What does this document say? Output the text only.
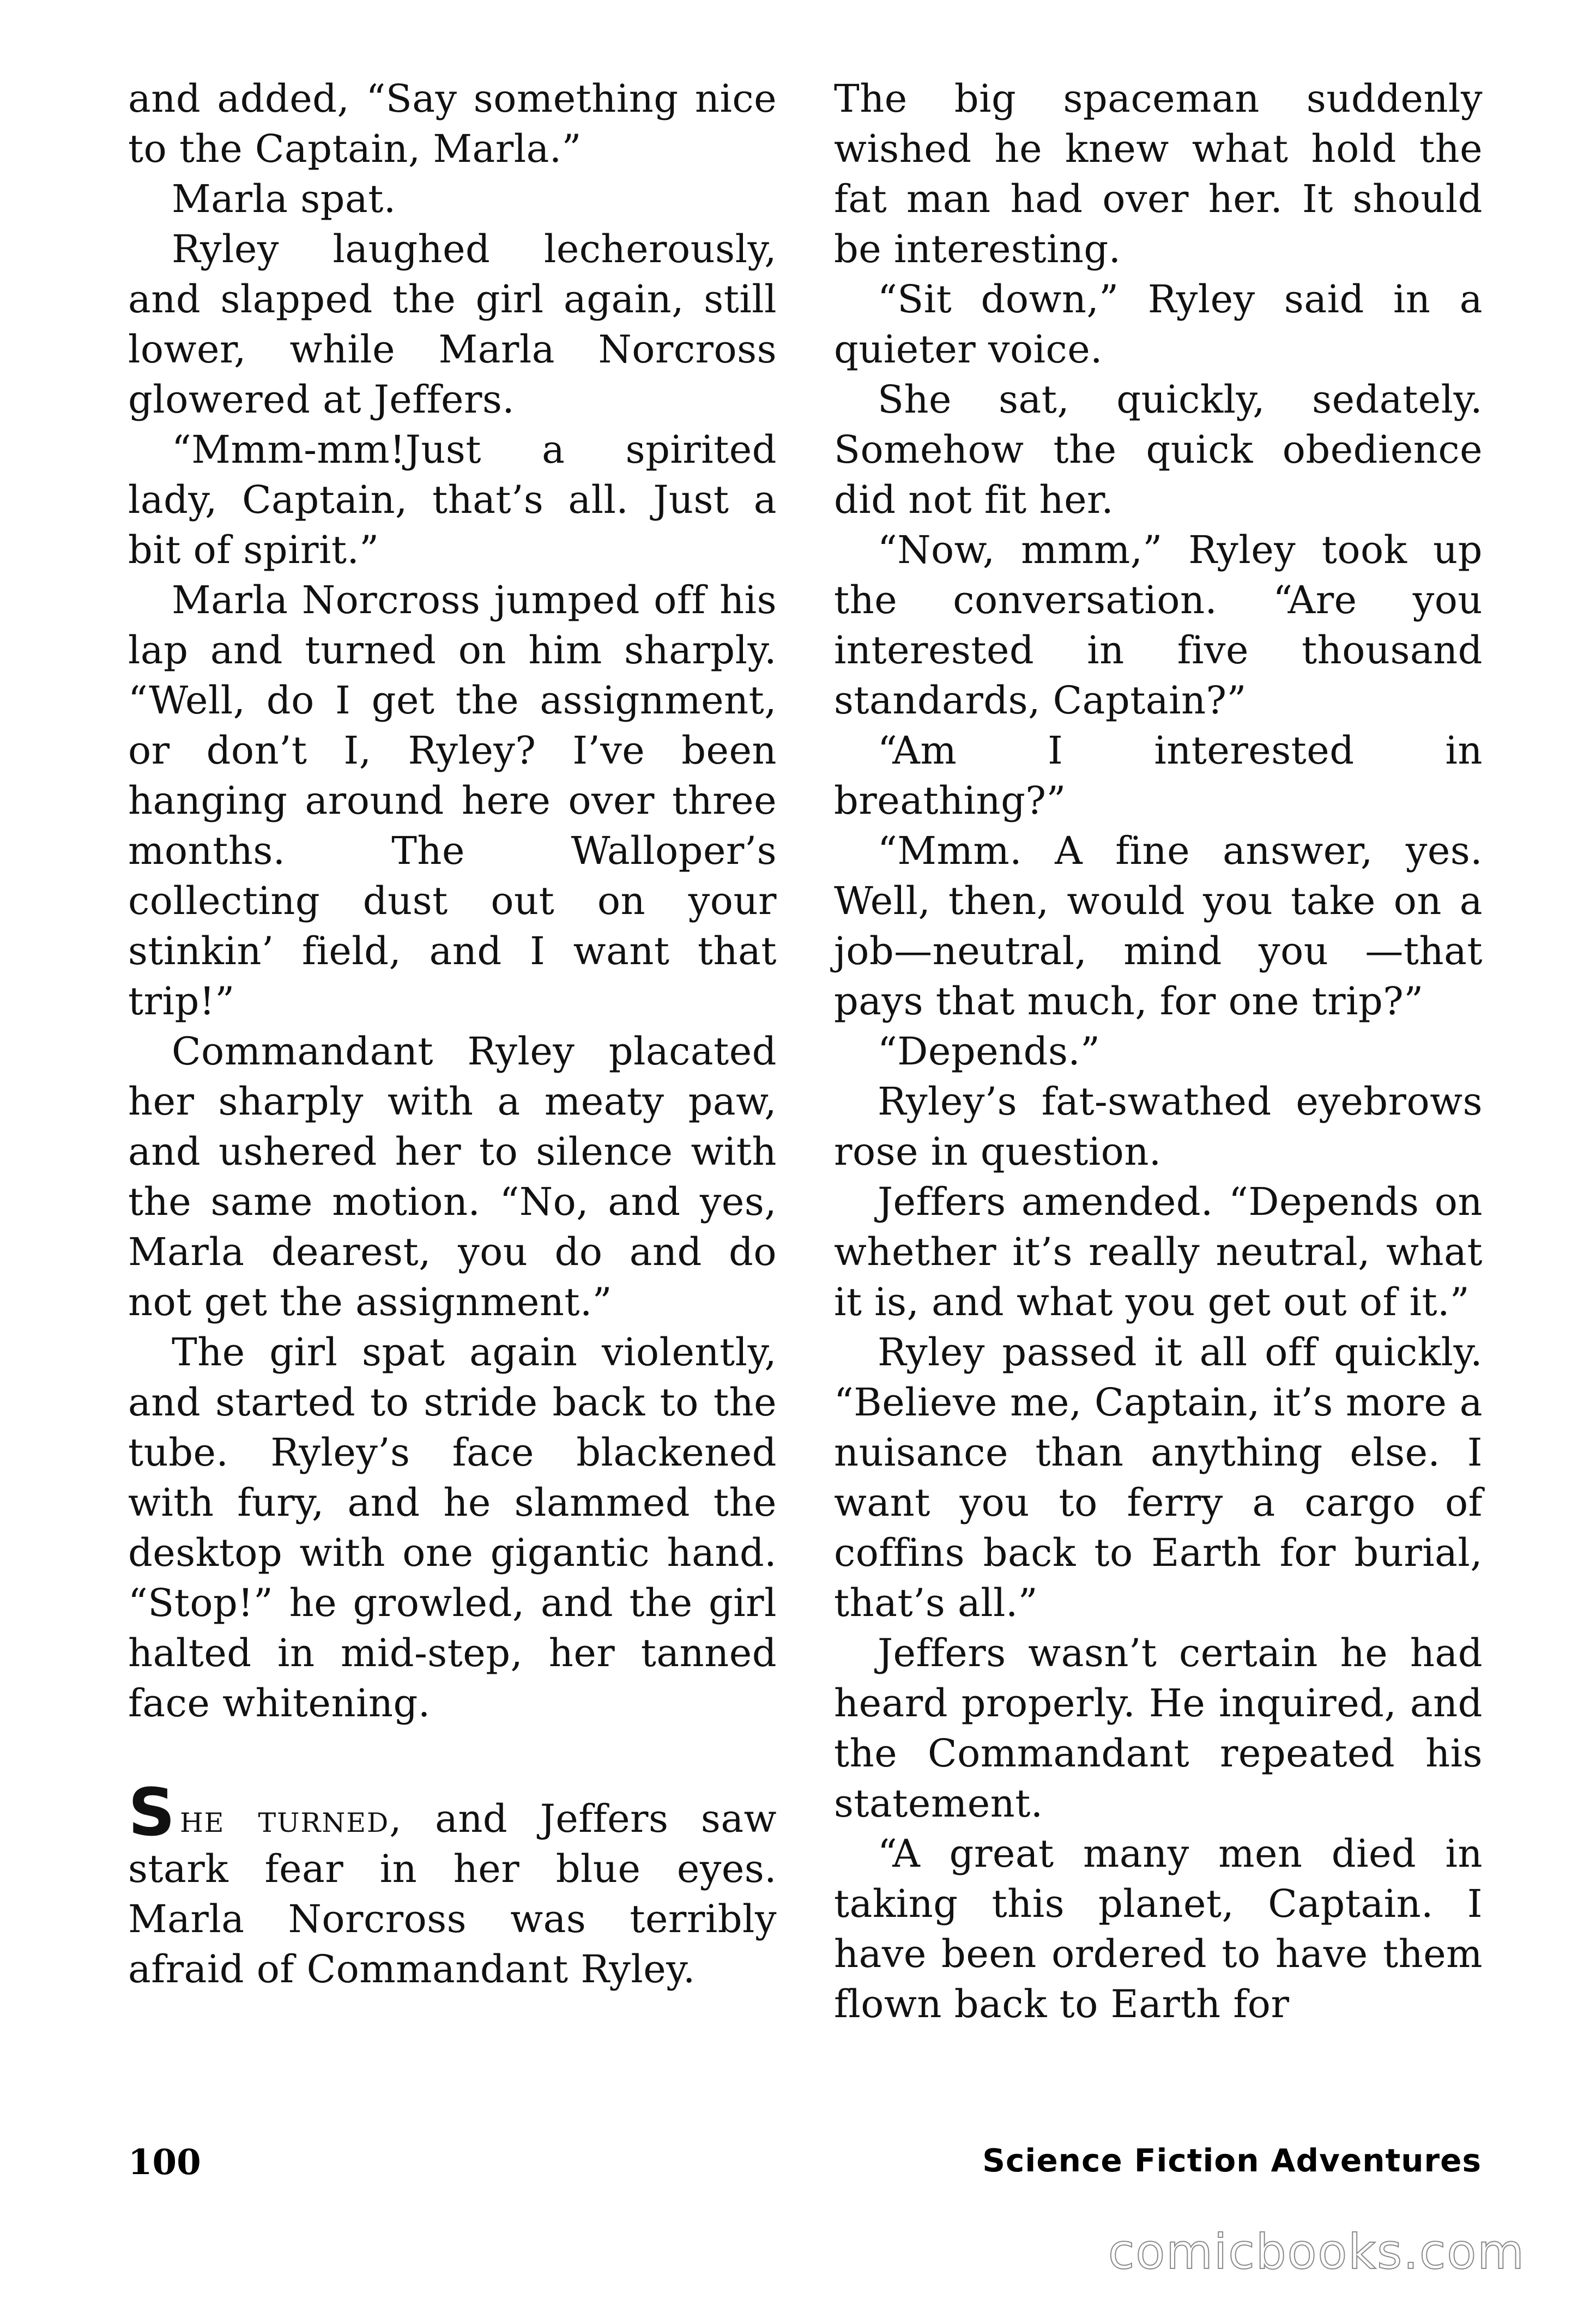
and added, “Say something nice to the Captain, Marla.”

Marla spat.

Ryley laughed lecherously, and slapped the girl again, still lower, while Marla Norcross glowered at Jeffers.

“Mmm-mm!Just a spirited lady, Captain, that’s all. Just a bit of spirit.”

Marla Norcross jumped off his lap and turned on him sharply. “Well, do I get the assignment, or don’t I, Ryley? I’ve been hanging around here over three months. The Walloper’s collecting dust out on your stinkin’ field, and I want that trip!”

Commandant Ryley placated her sharply with a meaty paw, and ushered her to silence with the same motion. “No, and yes, Marla dearest, you do and do not get the assignment.”

The girl spat again violently, and started to stride back to the tube. Ryley’s face blackened with fury, and he slammed the desktop with one gigantic hand. “Stop!” he growled, and the girl halted in mid-step, her tanned face whitening.

She turned, and Jeffers saw stark fear in her blue eyes. Marla Norcross was terribly afraid of Commandant Ryley.

The big spaceman suddenly wished he knew what hold the fat man had over her. It should be interesting.

“Sit down,” Ryley said in a quieter voice.

She sat, quickly, sedately. Somehow the quick obedience did not fit her.

“Now, mmm,” Ryley took up the conversation. “Are you interested in five thousand standards, Captain?”

“Am I interested in breathing?”

“Mmm. A fine answer, yes. Well, then, would you take on a job—neutral, mind you —that pays that much, for one trip?”

“Depends.”

Ryley’s fat-swathed eyebrows rose in question.

Jeffers amended. “Depends on whether it’s really neutral, what it is, and what you get out of it.”

Ryley passed it all off quickly. “Believe me, Captain, it’s more a nuisance than anything else. I want you to ferry a cargo of coffins back to Earth for burial, that’s all.”

Jeffers wasn’t certain he had heard properly. He inquired, and the Commandant repeated his statement.

“A great many men died in taking this planet, Captain. I have been ordered to have them flown back to Earth for

100	Science Fiction Adventures
comicbooks.com
